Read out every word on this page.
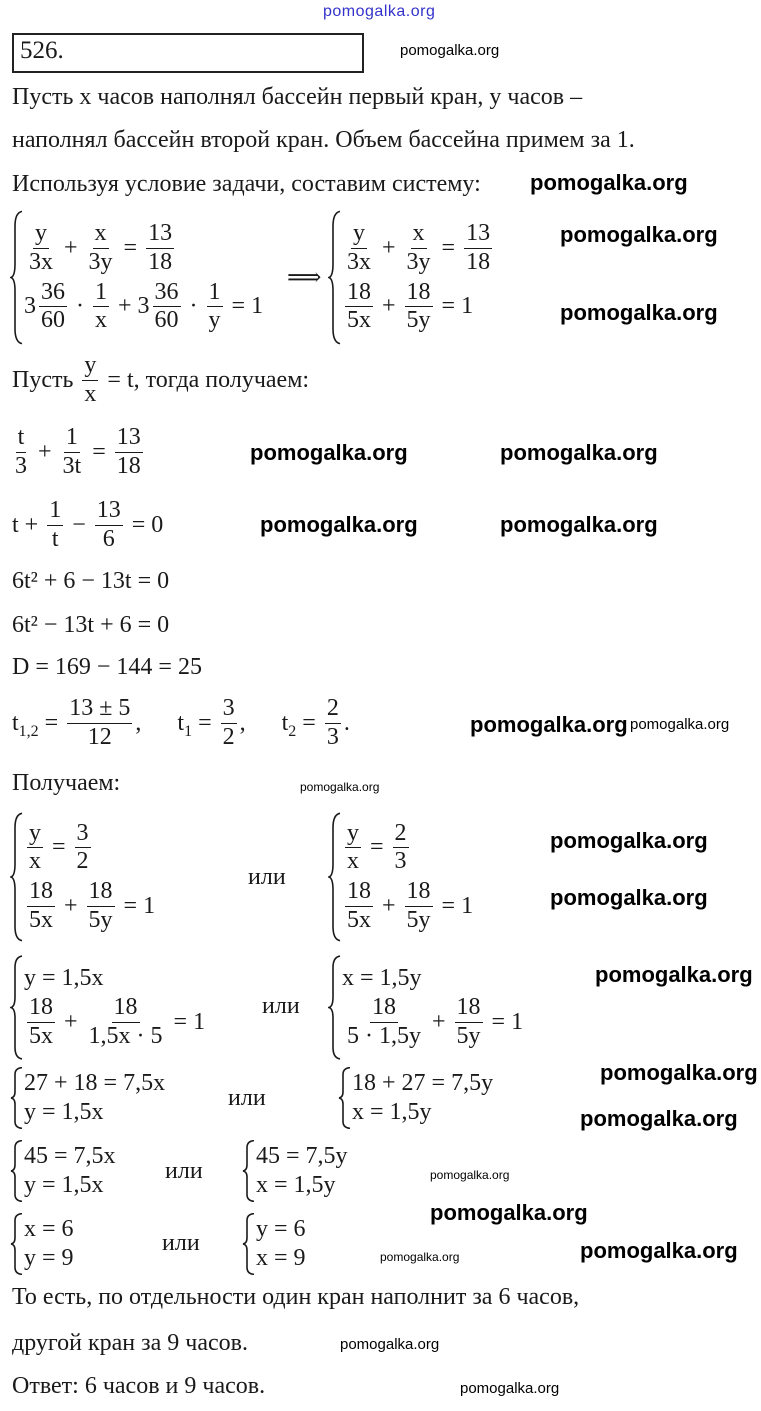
pomogalka.org
526.
Пусть x часов наполнял бассейн первый кран, y часов –
наполнял бассейн второй кран. Объем бассейна примем за 1.
Используя условие задачи, составим систему:
$\frac{y}{3x} + \frac{x}{3y} = \frac{13}{18}$
$3 \frac{36}{60} \cdot \frac{1}{x} + 3 \frac{36}{60} \cdot \frac{1}{y} = 1$
⟹
$\frac{y}{3x} + \frac{x}{3y} = \frac{13}{18}$
$\frac{18}{5x} + \frac{18}{5y} = 1$
Пусть $\frac{y}{x} = t$, тогда получаем:
$\frac{t}{3} + \frac{1}{3t} = \frac{13}{18}$
$t + \frac{1}{t} - \frac{13}{6} = 0$
6t² + 6 − 13t = 0
6t² − 13t + 6 = 0
D = 169 − 144 = 25
$t_{1,2} = \frac{13 \pm 5}{12}$ , $t_1 = \frac{3}{2}$ , $t_2 = \frac{2}{3}$ .
Получаем:
$\frac{y}{x} = \frac{3}{2}$
$\frac{18}{5x} + \frac{18}{5y} = 1$
или
$\frac{y}{x} = \frac{2}{3}$
$\frac{18}{5x} + \frac{18}{5y} = 1$
y = 1,5x
$\frac{18}{5x} + \frac{18}{1,5x \cdot 5} = 1$
или
x = 1,5y
$\frac{18}{5 \cdot 1,5y} + \frac{18}{5y} = 1$
27 + 18 = 7,5x
y = 1,5x
или
18 + 27 = 7,5y
x = 1,5y
45 = 7,5x
y = 1,5x
или
45 = 7,5y
x = 1,5y
x = 6
y = 9
или
y = 6
x = 9
То есть, по отдельности один кран наполнит за 6 часов,
другой кран за 9 часов.
Ответ: 6 часов и 9 часов.
pomogalka.org
pomogalka.org
pomogalka.org
pomogalka.org
pomogalka.org	pomogalka.org
pomogalka.org	pomogalka.org
pomogalka.org pomogalka.org
pomogalka.org
pomogalka.org
pomogalka.org
pomogalka.org
pomogalka.org
pomogalka.org
pomogalka.org
pomogalka.org
pomogalka.org	pomogalka.org
pomogalka.org
pomogalka.org
